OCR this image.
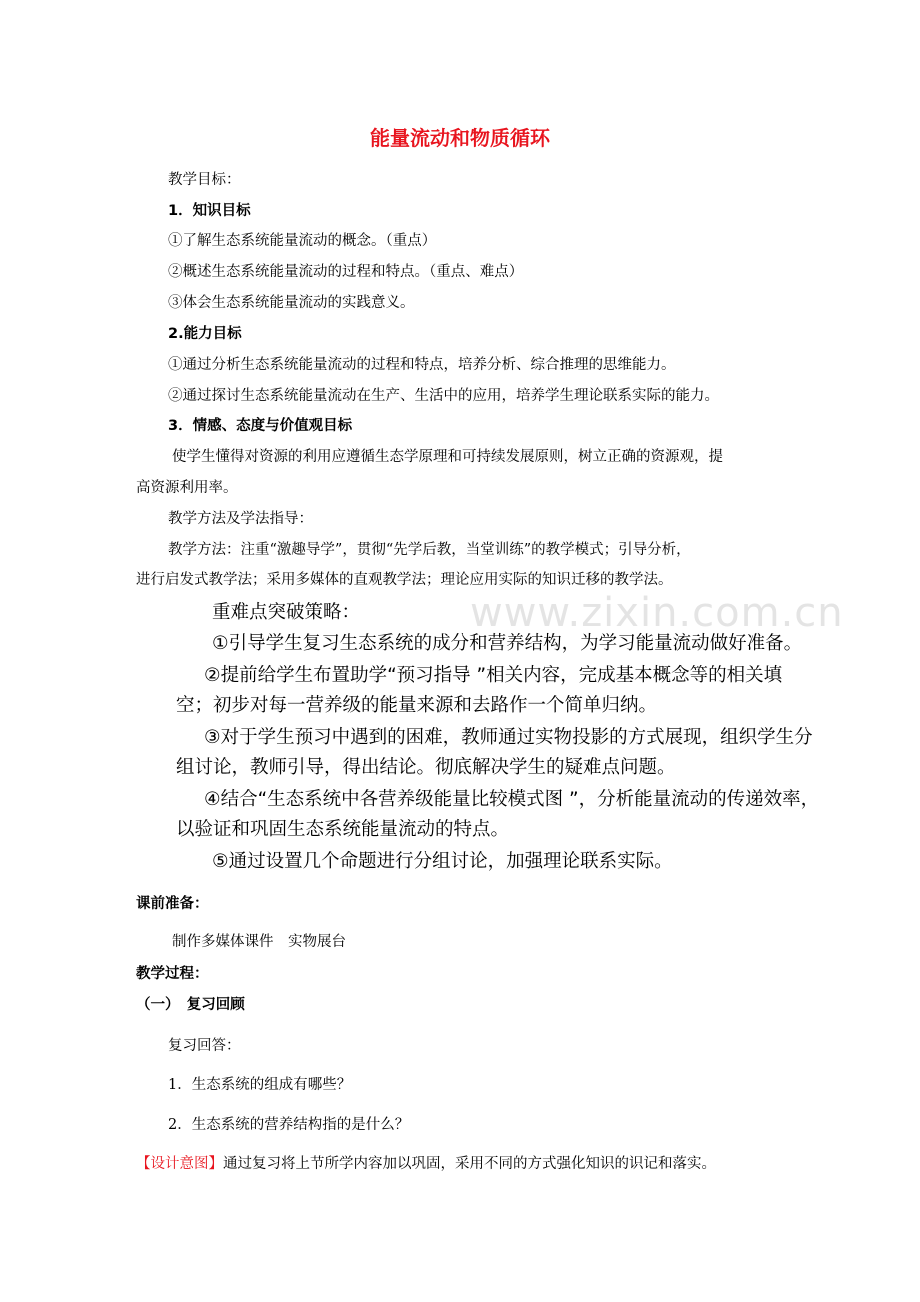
www.zixin.com.cn
能量流动和物质循环
教学目标：
1．知识目标
①了解生态系统能量流动的概念。（重点）
②概述生态系统能量流动的过程和特点。（重点、难点）
③体会生态系统能量流动的实践意义。
2.能力目标
①通过分析生态系统能量流动的过程和特点，培养分析、综合推理的思维能力。
②通过探讨生态系统能量流动在生产、生活中的应用，培养学生理论联系实际的能力。
3．情感、态度与价值观目标
使学生懂得对资源的利用应遵循生态学原理和可持续发展原则，树立正确的资源观，提
高资源利用率。
教学方法及学法指导：
教学方法：注重“激趣导学”，贯彻“先学后教，当堂训练”的教学模式；引导分析，
进行启发式教学法；采用多媒体的直观教学法；理论应用实际的知识迁移的教学法。
重难点突破策略：
①引导学生复习生态系统的成分和营养结构，为学习能量流动做好准备。
②提前给学生布置助学“预习指导 ”相关内容，完成基本概念等的相关填
空；初步对每一营养级的能量来源和去路作一个简单归纳。
③对于学生预习中遇到的困难，教师通过实物投影的方式展现，组织学生分
组讨论，教师引导，得出结论。彻底解决学生的疑难点问题。
④结合“生态系统中各营养级能量比较模式图 ”，分析能量流动的传递效率，
以验证和巩固生态系统能量流动的特点。
⑤通过设置几个命题进行分组讨论，加强理论联系实际。
课前准备：
制作多媒体课件　实物展台
教学过程：
（一）　复习回顾
复习回答：
1．生态系统的组成有哪些？
2．生态系统的营养结构指的是什么？
【设计意图】通过复习将上节所学内容加以巩固，采用不同的方式强化知识的识记和落实。
